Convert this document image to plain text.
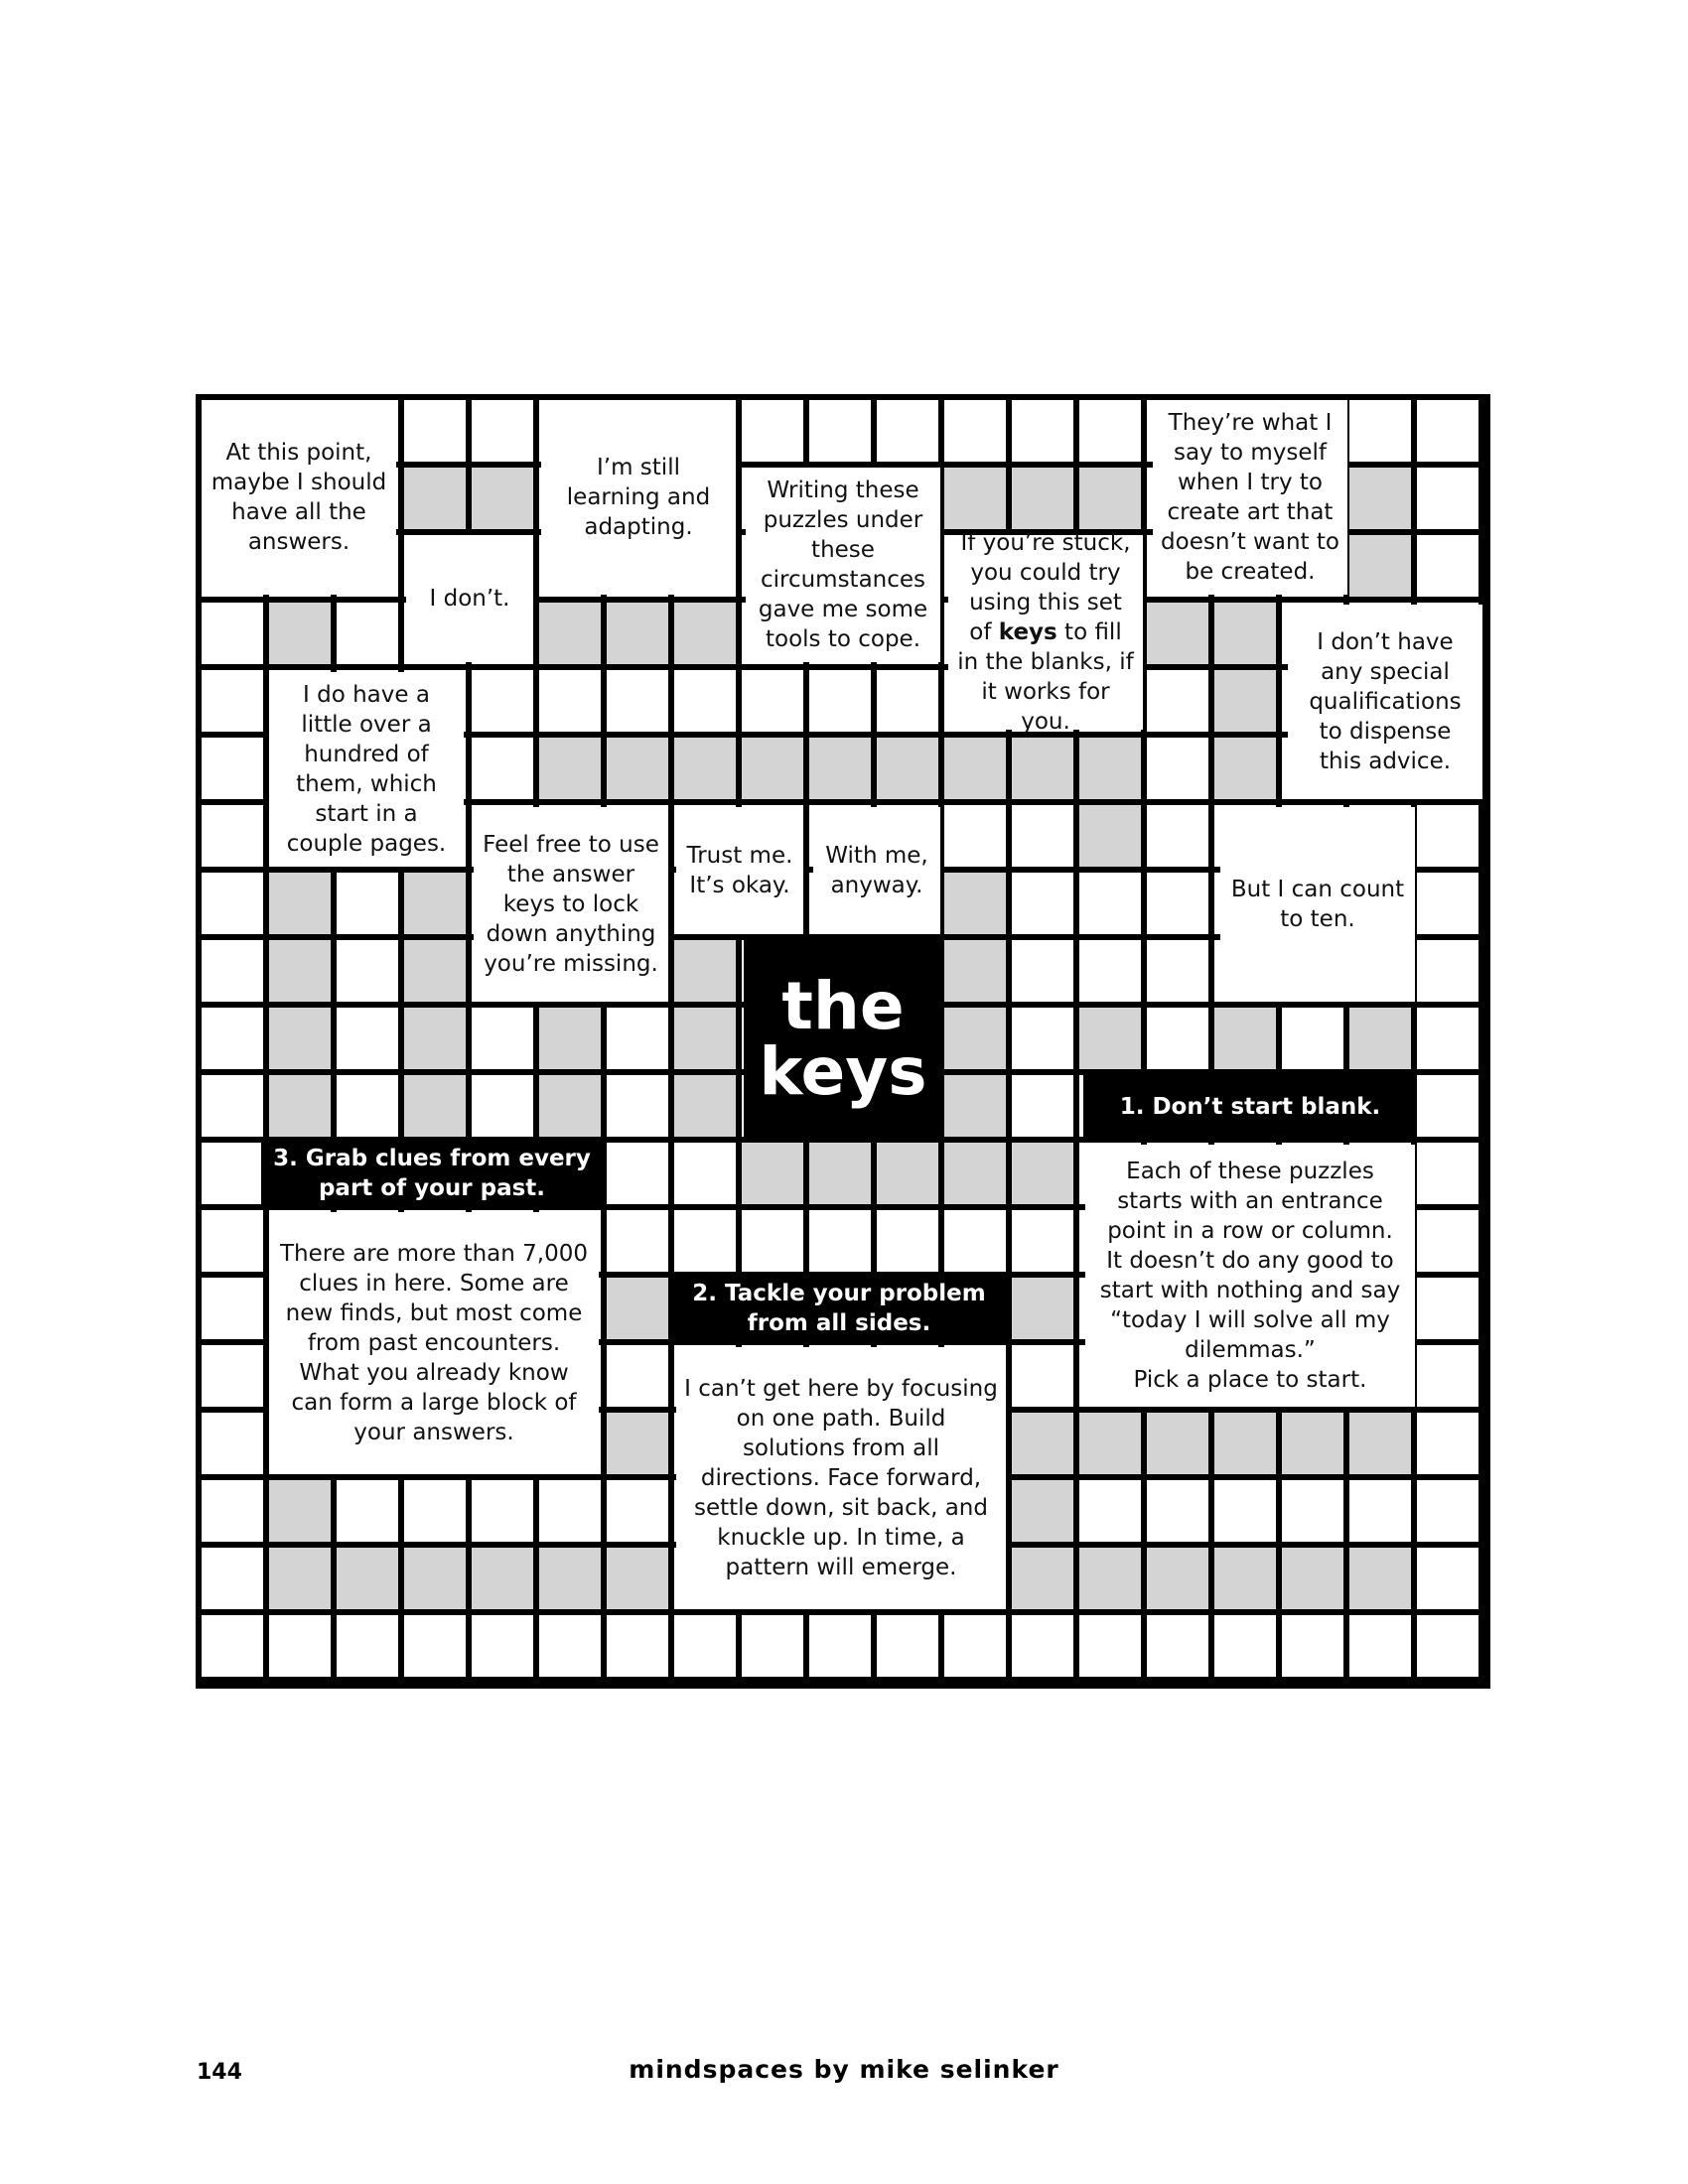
At this point, maybe I should have all the answers.
I don’t.
I’m still learning and adapting.
Writing these puzzles under these circumstances gave me some tools to cope.
If you’re stuck, you could try using this set of keys to fill in the blanks, if it works for you.
They’re what I say to myself when I try to create art that doesn’t want to be created.
I don’t have any special qualifications to dispense this advice.
I do have a little over a hundred of them, which start in a couple pages.	Feel free to use the answer keys to lock down anything you’re missing.
Trust me. It’s okay.
With me, anyway.	But I can count to ten.
the
keys	1. Don’t start blank.
Each of these puzzles starts with an entrance point in a row or column.
It doesn’t do any good to start with nothing and say “today I will solve all my dilemmas.”
Pick a place to start.
3. Grab clues from every part of your past.
There are more than 7,000 clues in here. Some are new finds, but most come from past encounters. What you already know can form a large block of your answers.
2. Tackle your problem from all sides.
I can’t get here by focusing on one path. Build solutions from all directions. Face forward, settle down, sit back, and knuckle up. In time, a pattern will emerge.
144	mindspaces by mike selinker
